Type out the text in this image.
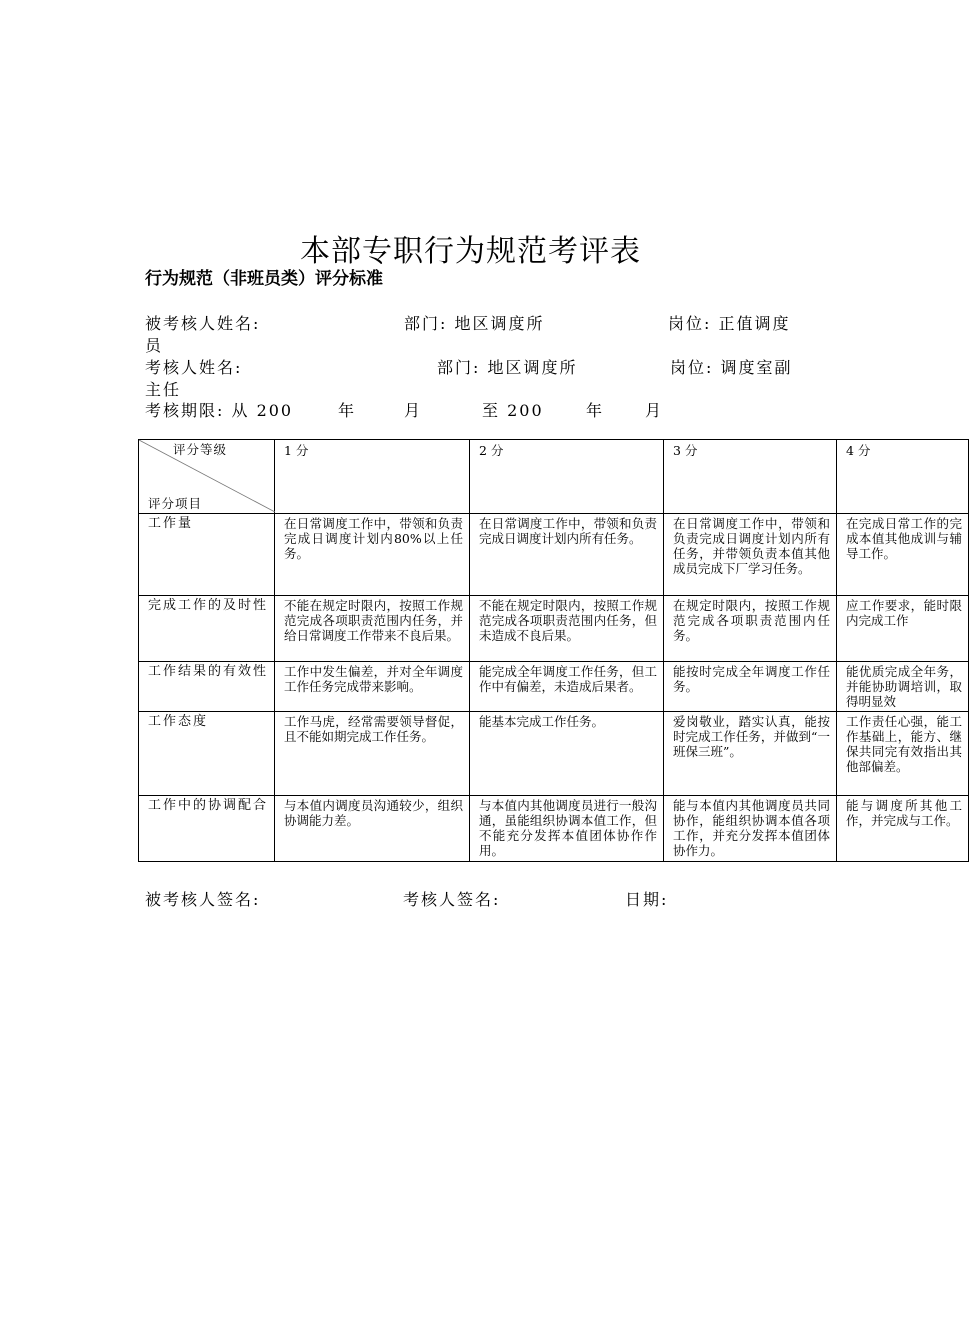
本部专职行为规范考评表
行为规范（非班员类）评分标准
被考核人姓名:	部门: 地区调度所	岗位: 正值调度
员
考核人姓名:	部门: 地区调度所	岗位: 调度室副
主任
考核期限: 从 200	年	月	至 200	年	月
评分等级
评分项目	1 分	2 分	3 分	4 分
工作量	在日常调度工作中，带领和负责完成日调度计划内80%以上任务。	在日常调度工作中，带领和负责完成日调度计划内所有任务。	在日常调度工作中，带领和负责完成日调度计划内所有任务，并带领负责本值其他成员完成下厂学习任务。	在完成日常工作的完成本值其他成训与辅导工作。
完成工作的及时性	不能在规定时限内，按照工作规范完成各项职责范围内任务，并给日常调度工作带来不良后果。	不能在规定时限内，按照工作规范完成各项职责范围内任务，但未造成不良后果。	在规定时限内，按照工作规范完成各项职责范围内任务。	应工作要求，能时限内完成工作
工作结果的有效性	工作中发生偏差，并对全年调度工作任务完成带来影响。	能完成全年调度工作任务，但工作中有偏差，未造成后果者。	能按时完成全年调度工作任务。	能优质完成全年务，并能协助调培训，取得明显效
工作态度	工作马虎，经常需要领导督促，且不能如期完成工作任务。	能基本完成工作任务。	爱岗敬业，踏实认真，能按时完成工作任务，并做到“一班保三班”。	工作责任心强，能工作基础上，能方、继保共同完有效指出其他部偏差。
工作中的协调配合	与本值内调度员沟通较少，组织协调能力差。	与本值内其他调度员进行一般沟通，虽能组织协调本值工作，但不能充分发挥本值团体协作作用。	能与本值内其他调度员共同协作，能组织协调本值各项工作，并充分发挥本值团体协作力。	能与调度所其他工作，并完成与工作。
被考核人签名:	考核人签名:	日期:
